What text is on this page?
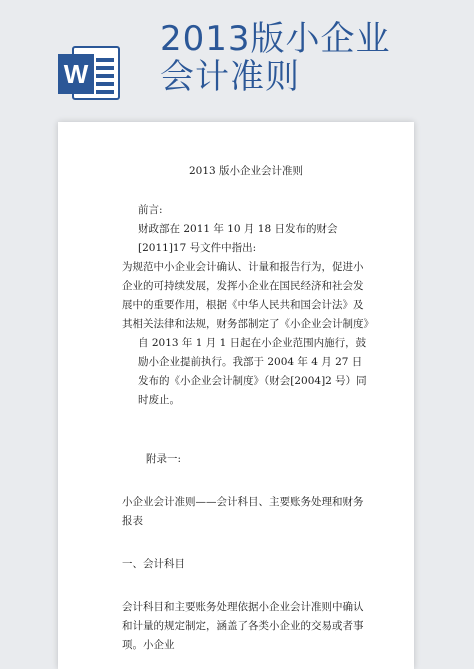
W
2013版小企业
会计准则

2013 版小企业会计准则

前言:

财政部在 2011 年 10 月 18 日发布的财会[2011]17 号文件中指出:

为规范中小企业会计确认、计量和报告行为，促进小企业的可持续发展，发挥小企业在国民经济和社会发展中的重要作用，根据《中华人民共和国会计法》及其相关法律和法规，财务部制定了《小企业会计制度》

自 2013 年 1 月 1 日起在小企业范围内施行，鼓励小企业提前执行。我部于 2004 年 4 月 27 日发布的《小企业会计制度》（财会[2004]2 号）同时废止。

附录一:

小企业会计准则——会计科目、主要账务处理和财务报表

一、会计科目

会计科目和主要账务处理依据小企业会计准则中确认和计量的规定制定，涵盖了各类小企业的交易或者事项。小企业
